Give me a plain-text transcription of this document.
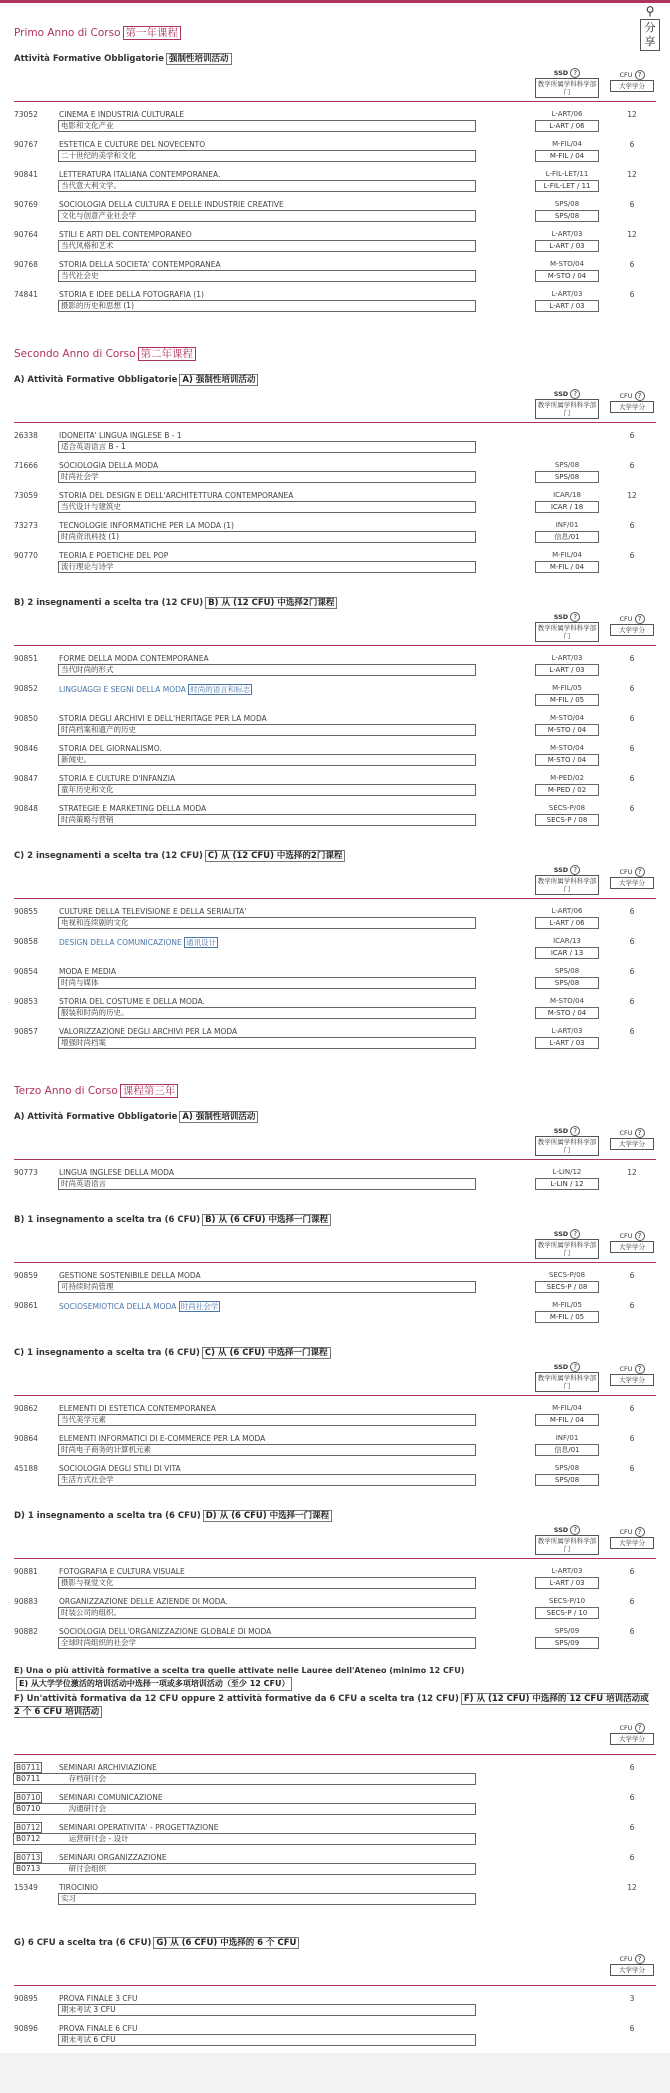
⚲
分享
Primo Anno di Corso 第一年课程
Attività Formative Obbligatorie 强制性培训活动
SSD ?
教学所属学科科学部门
CFU ?
大学学分
73052	CINEMA E INDUSTRIA CULTURALE
电影和文化产业
L-ART/06
L-ART / 06
12
90767	ESTETICA E CULTURE DEL NOVECENTO
二十世纪的美学和文化
M-FIL/04
M-FIL / 04
6
90841	LETTERATURA ITALIANA CONTEMPORANEA.
当代意大利文学。
L-FIL-LET/11
L-FIL-LET / 11
12
90769	SOCIOLOGIA DELLA CULTURA E DELLE INDUSTRIE CREATIVE
文化与创意产业社会学
SPS/08
SPS/08
6
90764	STILI E ARTI DEL CONTEMPORANEO
当代风格和艺术
L-ART/03
L-ART / 03
12
90768	STORIA DELLA SOCIETA' CONTEMPORANEA
当代社会史
M-STO/04
M-STO / 04
6
74841	STORIA E IDEE DELLA FOTOGRAFIA (1)
摄影的历史和思想 (1)
L-ART/03
L-ART / 03
6
Secondo Anno di Corso 第二年课程
A) Attività Formative Obbligatorie A) 强制性培训活动
SSD ?
教学所属学科科学部门
CFU ?
大学学分
26338	IDONEITA' LINGUA INGLESE B - 1
适合英语语言 B - 1
6
71666	SOCIOLOGIA DELLA MODA
时尚社会学
SPS/08
SPS/08
6
73059	STORIA DEL DESIGN E DELL'ARCHITETTURA CONTEMPORANEA
当代设计与建筑史
ICAR/18
ICAR / 18
12
73273	TECNOLOGIE INFORMATICHE PER LA MODA (1)
时尚资讯科技 (1)
INF/01
信息/01
6
90770	TEORIA E POETICHE DEL POP
流行理论与诗学
M-FIL/04
M-FIL / 04
6
B) 2 insegnamenti a scelta tra (12 CFU) B) 从 (12 CFU) 中选择2门课程
SSD ?
教学所属学科科学部门
CFU ?
大学学分
90851	FORME DELLA MODA CONTEMPORANEA
当代时尚的形式
L-ART/03
L-ART / 03
6
90852	LINGUAGGI E SEGNI DELLA MODA 时尚的语言和标志	M-FIL/05
M-FIL / 05
6
90850	STORIA DEGLI ARCHIVI E DELL'HERITAGE PER LA MODA
时尚档案和遗产的历史
M-STO/04
M-STO / 04
6
90846	STORIA DEL GIORNALISMO.
新闻史。
M-STO/04
M-STO / 04
6
90847	STORIA E CULTURE D'INFANZIA
童年历史和文化
M-PED/02
M-PED / 02
6
90848	STRATEGIE E MARKETING DELLA MODA
时尚策略与营销
SECS-P/08
SECS-P / 08
6
C) 2 insegnamenti a scelta tra (12 CFU) C) 从 (12 CFU) 中选择的2门课程
SSD ?
教学所属学科科学部门
CFU ?
大学学分
90855	CULTURE DELLA TELEVISIONE E DELLA SERIALITA'
电视和连续剧的文化
L-ART/06
L-ART / 06
6
90858	DESIGN DELLA COMUNICAZIONE 通讯设计	ICAR/13
ICAR / 13
6
90854	MODA E MEDIA
时尚与媒体
SPS/08
SPS/08
6
90853	STORIA DEL COSTUME E DELLA MODA.
服装和时尚的历史。
M-STO/04
M-STO / 04
6
90857	VALORIZZAZIONE DEGLI ARCHIVI PER LA MODA
增强时尚档案
L-ART/03
L-ART / 03
6
Terzo Anno di Corso 课程第三年
A) Attività Formative Obbligatorie A) 强制性培训活动
SSD ?
教学所属学科科学部门
CFU ?
大学学分
90773	LINGUA INGLESE DELLA MODA
时尚英语语言
L-LIN/12
L-LIN / 12
12
B) 1 insegnamento a scelta tra (6 CFU) B) 从 (6 CFU) 中选择一门课程
SSD ?
教学所属学科科学部门
CFU ?
大学学分
90859	GESTIONE SOSTENIBILE DELLA MODA
可持续时尚管理
SECS-P/08
SECS-P / 08
6
90861	SOCIOSEMIOTICA DELLA MODA 时尚社会学	M-FIL/05
M-FIL / 05
6
C) 1 insegnamento a scelta tra (6 CFU) C) 从 (6 CFU) 中选择一门课程
SSD ?
教学所属学科科学部门
CFU ?
大学学分
90862	ELEMENTI DI ESTETICA CONTEMPORANEA
当代美学元素
M-FIL/04
M-FIL / 04
6
90864	ELEMENTI INFORMATICI DI E-COMMERCE PER LA MODA
时尚电子商务的计算机元素
INF/01
信息/01
6
45188	SOCIOLOGIA DEGLI STILI DI VITA
生活方式社会学
SPS/08
SPS/08
6
D) 1 insegnamento a scelta tra (6 CFU) D) 从 (6 CFU) 中选择一门课程
SSD ?
教学所属学科科学部门
CFU ?
大学学分
90881	FOTOGRAFIA E CULTURA VISUALE
摄影与视觉文化
L-ART/03
L-ART / 03
6
90883	ORGANIZZAZIONE DELLE AZIENDE DI MODA.
时装公司的组织。
SECS-P/10
SECS-P / 10
6
90882	SOCIOLOGIA DELL'ORGANIZZAZIONE GLOBALE DI MODA
全球时尚组织的社会学
SPS/09
SPS/09
6
E) Una o più attività formative a scelta tra quelle attivate nelle Lauree dell'Ateneo (minimo 12 CFU)
E) 从大学学位激活的培训活动中选择一项或多项培训活动（至少 12 CFU）
F) Un'attività formativa da 12 CFU oppure 2 attività formative da 6 CFU a scelta tra (12 CFU) F) 从 (12 CFU) 中选择的 12 CFU 培训活动或 2 个 6 CFU 培训活动
CFU ?
大学学分
B0711	SEMINARI ARCHIVIAZIONE
B0711	存档研讨会
6
B0710	SEMINARI COMUNICAZIONE
B0710	沟通研讨会
6
B0712	SEMINARI OPERATIVITA' - PROGETTAZIONE
B0712	运营研讨会 - 设计
6
B0713	SEMINARI ORGANIZZAZIONE
B0713	研讨会组织
6
15349	TIROCINIO
实习
12
G) 6 CFU a scelta tra (6 CFU) G) 从 (6 CFU) 中选择的 6 个 CFU
CFU ?
大学学分
90895	PROVA FINALE 3 CFU
期末考试 3 CFU
3
90896	PROVA FINALE 6 CFU
期末考试 6 CFU
6
